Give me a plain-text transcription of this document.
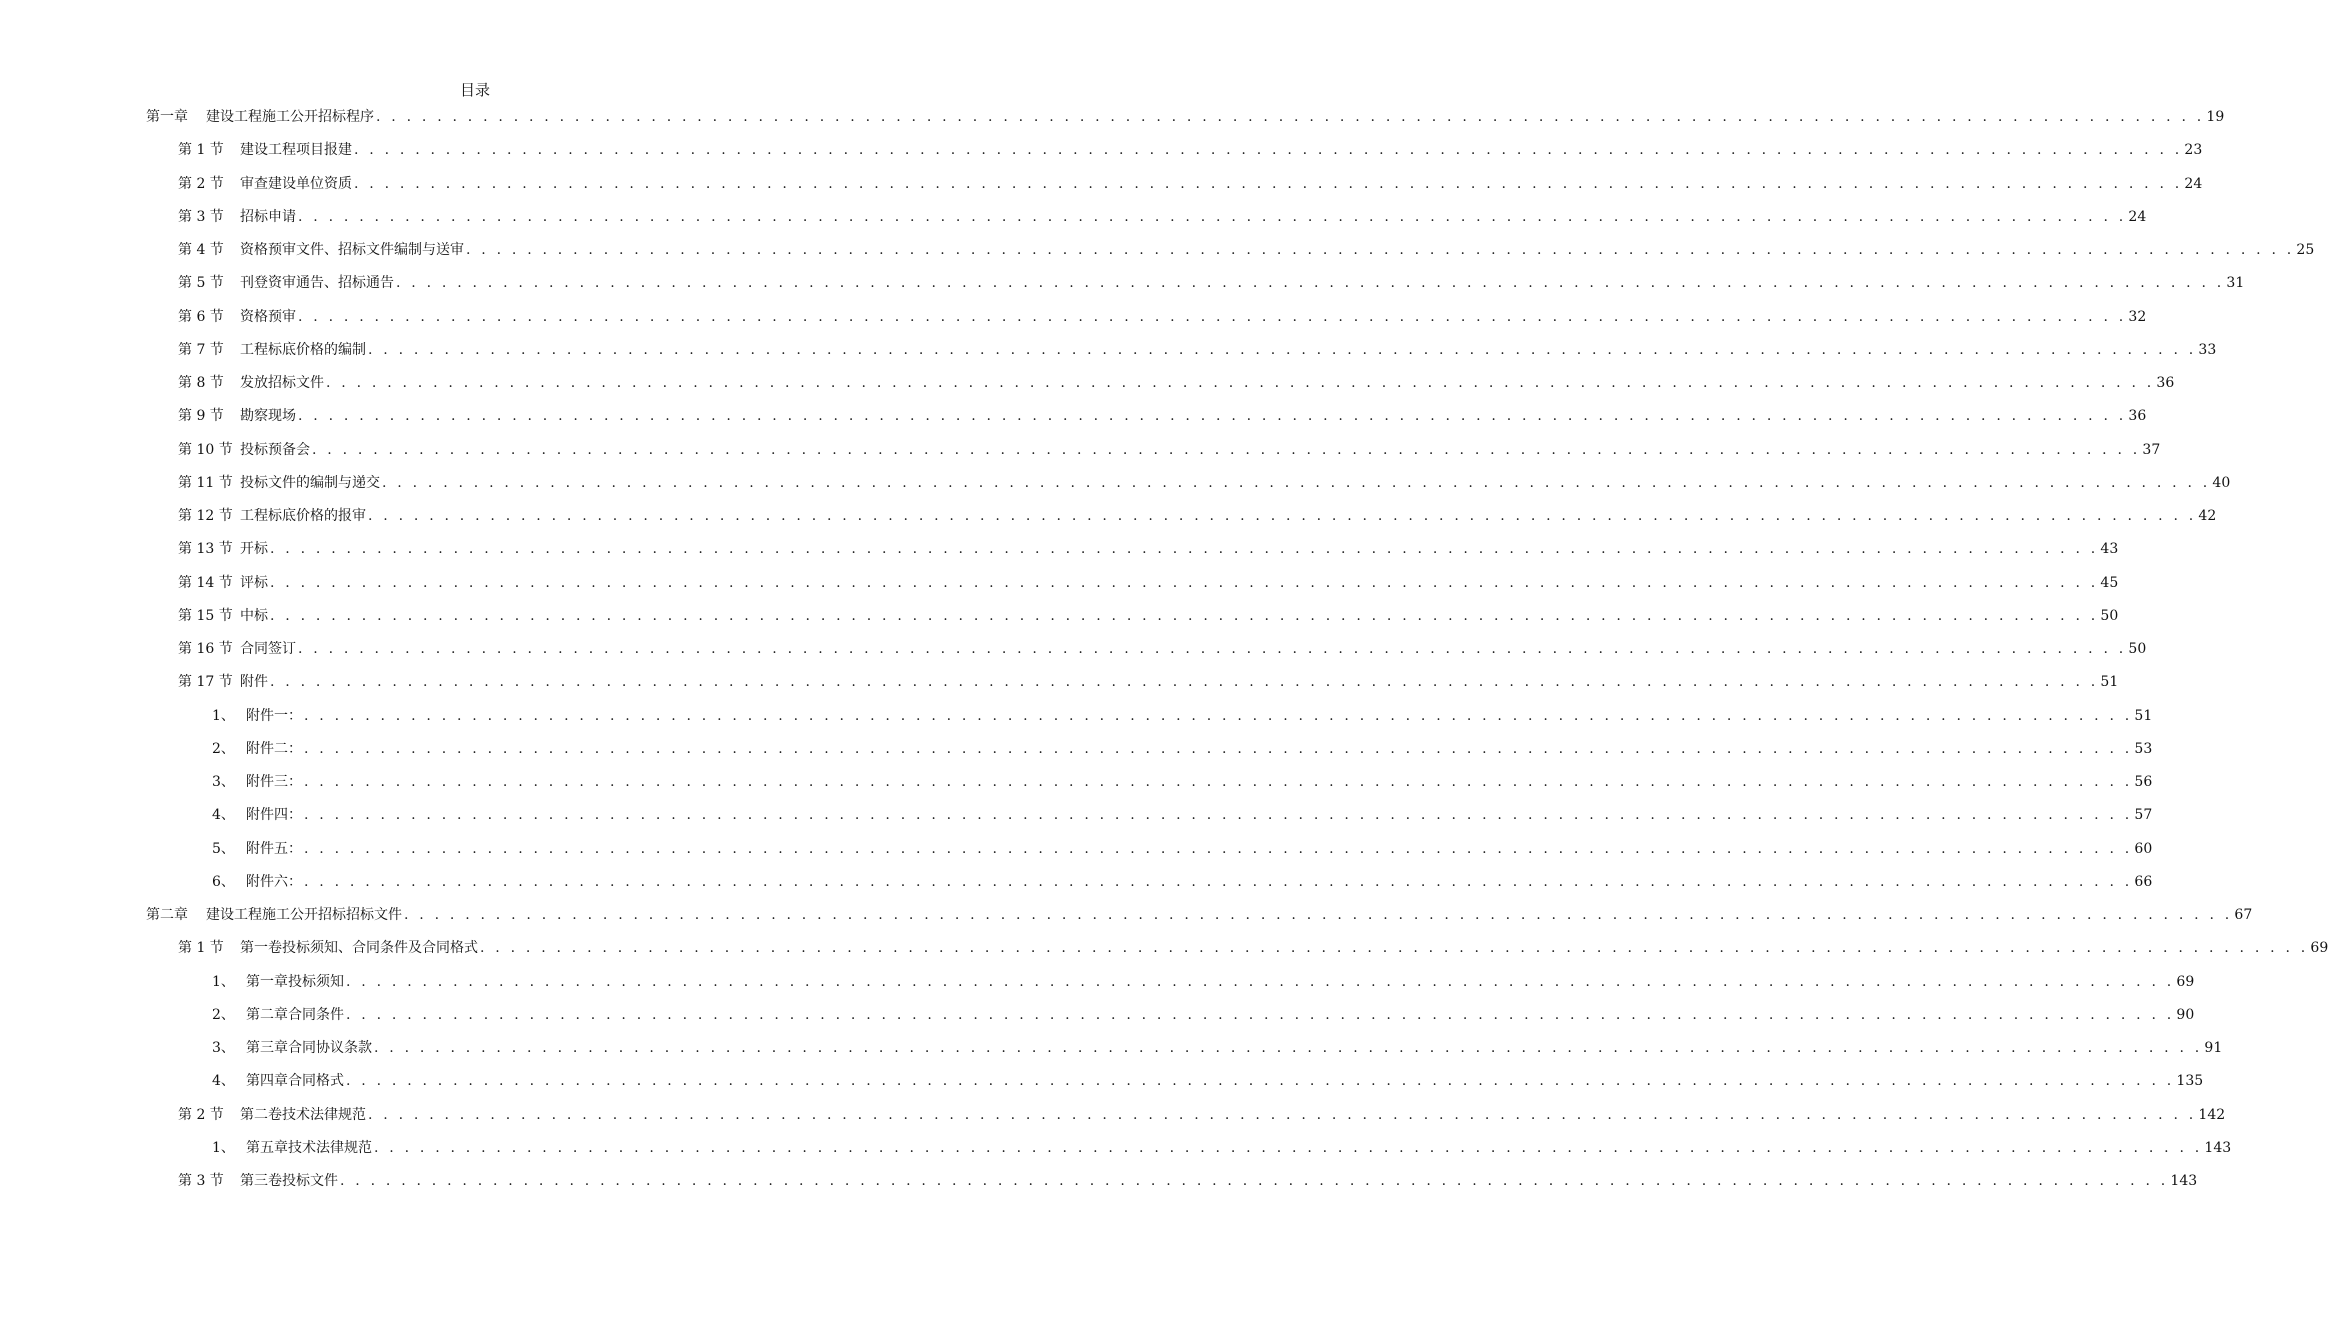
目录
第一章	建设工程施工公开招标程序 . . . . . . . . . . . . . . . . . . . . . . . . . . . . . . . . . . . . . . . . . . . . . . . . . . . . . . . . . . . . . . . . . . . . . . . . . . . . . . . . . . . . . . . . . . . . . . . . . . . . . . . . . . . . . . . . . . . . . . . . 19
第 1 节	建设工程项目报建 . . . . . . . . . . . . . . . . . . . . . . . . . . . . . . . . . . . . . . . . . . . . . . . . . . . . . . . . . . . . . . . . . . . . . . . . . . . . . . . . . . . . . . . . . . . . . . . . . . . . . . . . . . . . . . . . . . . . . . . . 23
第 2 节	审查建设单位资质 . . . . . . . . . . . . . . . . . . . . . . . . . . . . . . . . . . . . . . . . . . . . . . . . . . . . . . . . . . . . . . . . . . . . . . . . . . . . . . . . . . . . . . . . . . . . . . . . . . . . . . . . . . . . . . . . . . . . . . . . 24
第 3 节	招标申请 . . . . . . . . . . . . . . . . . . . . . . . . . . . . . . . . . . . . . . . . . . . . . . . . . . . . . . . . . . . . . . . . . . . . . . . . . . . . . . . . . . . . . . . . . . . . . . . . . . . . . . . . . . . . . . . . . . . . . . . . 24
第 4 节	资格预审文件、招标文件编制与送审 . . . . . . . . . . . . . . . . . . . . . . . . . . . . . . . . . . . . . . . . . . . . . . . . . . . . . . . . . . . . . . . . . . . . . . . . . . . . . . . . . . . . . . . . . . . . . . . . . . . . . . . . . . . . . . . . . . . . . . . . 25
第 5 节	刊登资审通告、招标通告 . . . . . . . . . . . . . . . . . . . . . . . . . . . . . . . . . . . . . . . . . . . . . . . . . . . . . . . . . . . . . . . . . . . . . . . . . . . . . . . . . . . . . . . . . . . . . . . . . . . . . . . . . . . . . . . . . . . . . . . . 31
第 6 节	资格预审 . . . . . . . . . . . . . . . . . . . . . . . . . . . . . . . . . . . . . . . . . . . . . . . . . . . . . . . . . . . . . . . . . . . . . . . . . . . . . . . . . . . . . . . . . . . . . . . . . . . . . . . . . . . . . . . . . . . . . . . . 32
第 7 节	工程标底价格的编制 . . . . . . . . . . . . . . . . . . . . . . . . . . . . . . . . . . . . . . . . . . . . . . . . . . . . . . . . . . . . . . . . . . . . . . . . . . . . . . . . . . . . . . . . . . . . . . . . . . . . . . . . . . . . . . . . . . . . . . . . 33
第 8 节	发放招标文件 . . . . . . . . . . . . . . . . . . . . . . . . . . . . . . . . . . . . . . . . . . . . . . . . . . . . . . . . . . . . . . . . . . . . . . . . . . . . . . . . . . . . . . . . . . . . . . . . . . . . . . . . . . . . . . . . . . . . . . . . 36
第 9 节	勘察现场 . . . . . . . . . . . . . . . . . . . . . . . . . . . . . . . . . . . . . . . . . . . . . . . . . . . . . . . . . . . . . . . . . . . . . . . . . . . . . . . . . . . . . . . . . . . . . . . . . . . . . . . . . . . . . . . . . . . . . . . . 36
第 10 节 投标预备会 . . . . . . . . . . . . . . . . . . . . . . . . . . . . . . . . . . . . . . . . . . . . . . . . . . . . . . . . . . . . . . . . . . . . . . . . . . . . . . . . . . . . . . . . . . . . . . . . . . . . . . . . . . . . . . . . . . . . . . . . 37
第 11 节 投标文件的编制与递交 . . . . . . . . . . . . . . . . . . . . . . . . . . . . . . . . . . . . . . . . . . . . . . . . . . . . . . . . . . . . . . . . . . . . . . . . . . . . . . . . . . . . . . . . . . . . . . . . . . . . . . . . . . . . . . . . . . . . . . . . 40
第 12 节 工程标底价格的报审 . . . . . . . . . . . . . . . . . . . . . . . . . . . . . . . . . . . . . . . . . . . . . . . . . . . . . . . . . . . . . . . . . . . . . . . . . . . . . . . . . . . . . . . . . . . . . . . . . . . . . . . . . . . . . . . . . . . . . . . . 42
第 13 节 开标 . . . . . . . . . . . . . . . . . . . . . . . . . . . . . . . . . . . . . . . . . . . . . . . . . . . . . . . . . . . . . . . . . . . . . . . . . . . . . . . . . . . . . . . . . . . . . . . . . . . . . . . . . . . . . . . . . . . . . . . . 43
第 14 节 评标 . . . . . . . . . . . . . . . . . . . . . . . . . . . . . . . . . . . . . . . . . . . . . . . . . . . . . . . . . . . . . . . . . . . . . . . . . . . . . . . . . . . . . . . . . . . . . . . . . . . . . . . . . . . . . . . . . . . . . . . . 45
第 15 节 中标 . . . . . . . . . . . . . . . . . . . . . . . . . . . . . . . . . . . . . . . . . . . . . . . . . . . . . . . . . . . . . . . . . . . . . . . . . . . . . . . . . . . . . . . . . . . . . . . . . . . . . . . . . . . . . . . . . . . . . . . . 50
第 16 节 合同签订 . . . . . . . . . . . . . . . . . . . . . . . . . . . . . . . . . . . . . . . . . . . . . . . . . . . . . . . . . . . . . . . . . . . . . . . . . . . . . . . . . . . . . . . . . . . . . . . . . . . . . . . . . . . . . . . . . . . . . . . . 50
第 17 节 附件 . . . . . . . . . . . . . . . . . . . . . . . . . . . . . . . . . . . . . . . . . . . . . . . . . . . . . . . . . . . . . . . . . . . . . . . . . . . . . . . . . . . . . . . . . . . . . . . . . . . . . . . . . . . . . . . . . . . . . . . . 51
1、 附件一： . . . . . . . . . . . . . . . . . . . . . . . . . . . . . . . . . . . . . . . . . . . . . . . . . . . . . . . . . . . . . . . . . . . . . . . . . . . . . . . . . . . . . . . . . . . . . . . . . . . . . . . . . . . . . . . . . . . . . . . . 51
2、 附件二： . . . . . . . . . . . . . . . . . . . . . . . . . . . . . . . . . . . . . . . . . . . . . . . . . . . . . . . . . . . . . . . . . . . . . . . . . . . . . . . . . . . . . . . . . . . . . . . . . . . . . . . . . . . . . . . . . . . . . . . . 53
3、 附件三： . . . . . . . . . . . . . . . . . . . . . . . . . . . . . . . . . . . . . . . . . . . . . . . . . . . . . . . . . . . . . . . . . . . . . . . . . . . . . . . . . . . . . . . . . . . . . . . . . . . . . . . . . . . . . . . . . . . . . . . . 56
4、 附件四： . . . . . . . . . . . . . . . . . . . . . . . . . . . . . . . . . . . . . . . . . . . . . . . . . . . . . . . . . . . . . . . . . . . . . . . . . . . . . . . . . . . . . . . . . . . . . . . . . . . . . . . . . . . . . . . . . . . . . . . . 57
5、 附件五： . . . . . . . . . . . . . . . . . . . . . . . . . . . . . . . . . . . . . . . . . . . . . . . . . . . . . . . . . . . . . . . . . . . . . . . . . . . . . . . . . . . . . . . . . . . . . . . . . . . . . . . . . . . . . . . . . . . . . . . . 60
6、 附件六： . . . . . . . . . . . . . . . . . . . . . . . . . . . . . . . . . . . . . . . . . . . . . . . . . . . . . . . . . . . . . . . . . . . . . . . . . . . . . . . . . . . . . . . . . . . . . . . . . . . . . . . . . . . . . . . . . . . . . . . . 66
第二章	建设工程施工公开招标招标文件 . . . . . . . . . . . . . . . . . . . . . . . . . . . . . . . . . . . . . . . . . . . . . . . . . . . . . . . . . . . . . . . . . . . . . . . . . . . . . . . . . . . . . . . . . . . . . . . . . . . . . . . . . . . . . . . . . . . . . . . . 67
第 1 节	第一卷投标须知、合同条件及合同格式 . . . . . . . . . . . . . . . . . . . . . . . . . . . . . . . . . . . . . . . . . . . . . . . . . . . . . . . . . . . . . . . . . . . . . . . . . . . . . . . . . . . . . . . . . . . . . . . . . . . . . . . . . . . . . . . . . . . . . . . . 69
1、 第一章投标须知 . . . . . . . . . . . . . . . . . . . . . . . . . . . . . . . . . . . . . . . . . . . . . . . . . . . . . . . . . . . . . . . . . . . . . . . . . . . . . . . . . . . . . . . . . . . . . . . . . . . . . . . . . . . . . . . . . . . . . . . . 69
2、 第二章合同条件 . . . . . . . . . . . . . . . . . . . . . . . . . . . . . . . . . . . . . . . . . . . . . . . . . . . . . . . . . . . . . . . . . . . . . . . . . . . . . . . . . . . . . . . . . . . . . . . . . . . . . . . . . . . . . . . . . . . . . . . . 90
3、 第三章合同协议条款 . . . . . . . . . . . . . . . . . . . . . . . . . . . . . . . . . . . . . . . . . . . . . . . . . . . . . . . . . . . . . . . . . . . . . . . . . . . . . . . . . . . . . . . . . . . . . . . . . . . . . . . . . . . . . . . . . . . . . . . . 91
4、 第四章合同格式 . . . . . . . . . . . . . . . . . . . . . . . . . . . . . . . . . . . . . . . . . . . . . . . . . . . . . . . . . . . . . . . . . . . . . . . . . . . . . . . . . . . . . . . . . . . . . . . . . . . . . . . . . . . . . . . . . . . . . . . . 135
第 2 节	第二卷技术法律规范 . . . . . . . . . . . . . . . . . . . . . . . . . . . . . . . . . . . . . . . . . . . . . . . . . . . . . . . . . . . . . . . . . . . . . . . . . . . . . . . . . . . . . . . . . . . . . . . . . . . . . . . . . . . . . . . . . . . . . . . . 142
1、 第五章技术法律规范 . . . . . . . . . . . . . . . . . . . . . . . . . . . . . . . . . . . . . . . . . . . . . . . . . . . . . . . . . . . . . . . . . . . . . . . . . . . . . . . . . . . . . . . . . . . . . . . . . . . . . . . . . . . . . . . . . . . . . . . . 143
第 3 节	第三卷投标文件 . . . . . . . . . . . . . . . . . . . . . . . . . . . . . . . . . . . . . . . . . . . . . . . . . . . . . . . . . . . . . . . . . . . . . . . . . . . . . . . . . . . . . . . . . . . . . . . . . . . . . . . . . . . . . . . . . . . . . . . . 143
